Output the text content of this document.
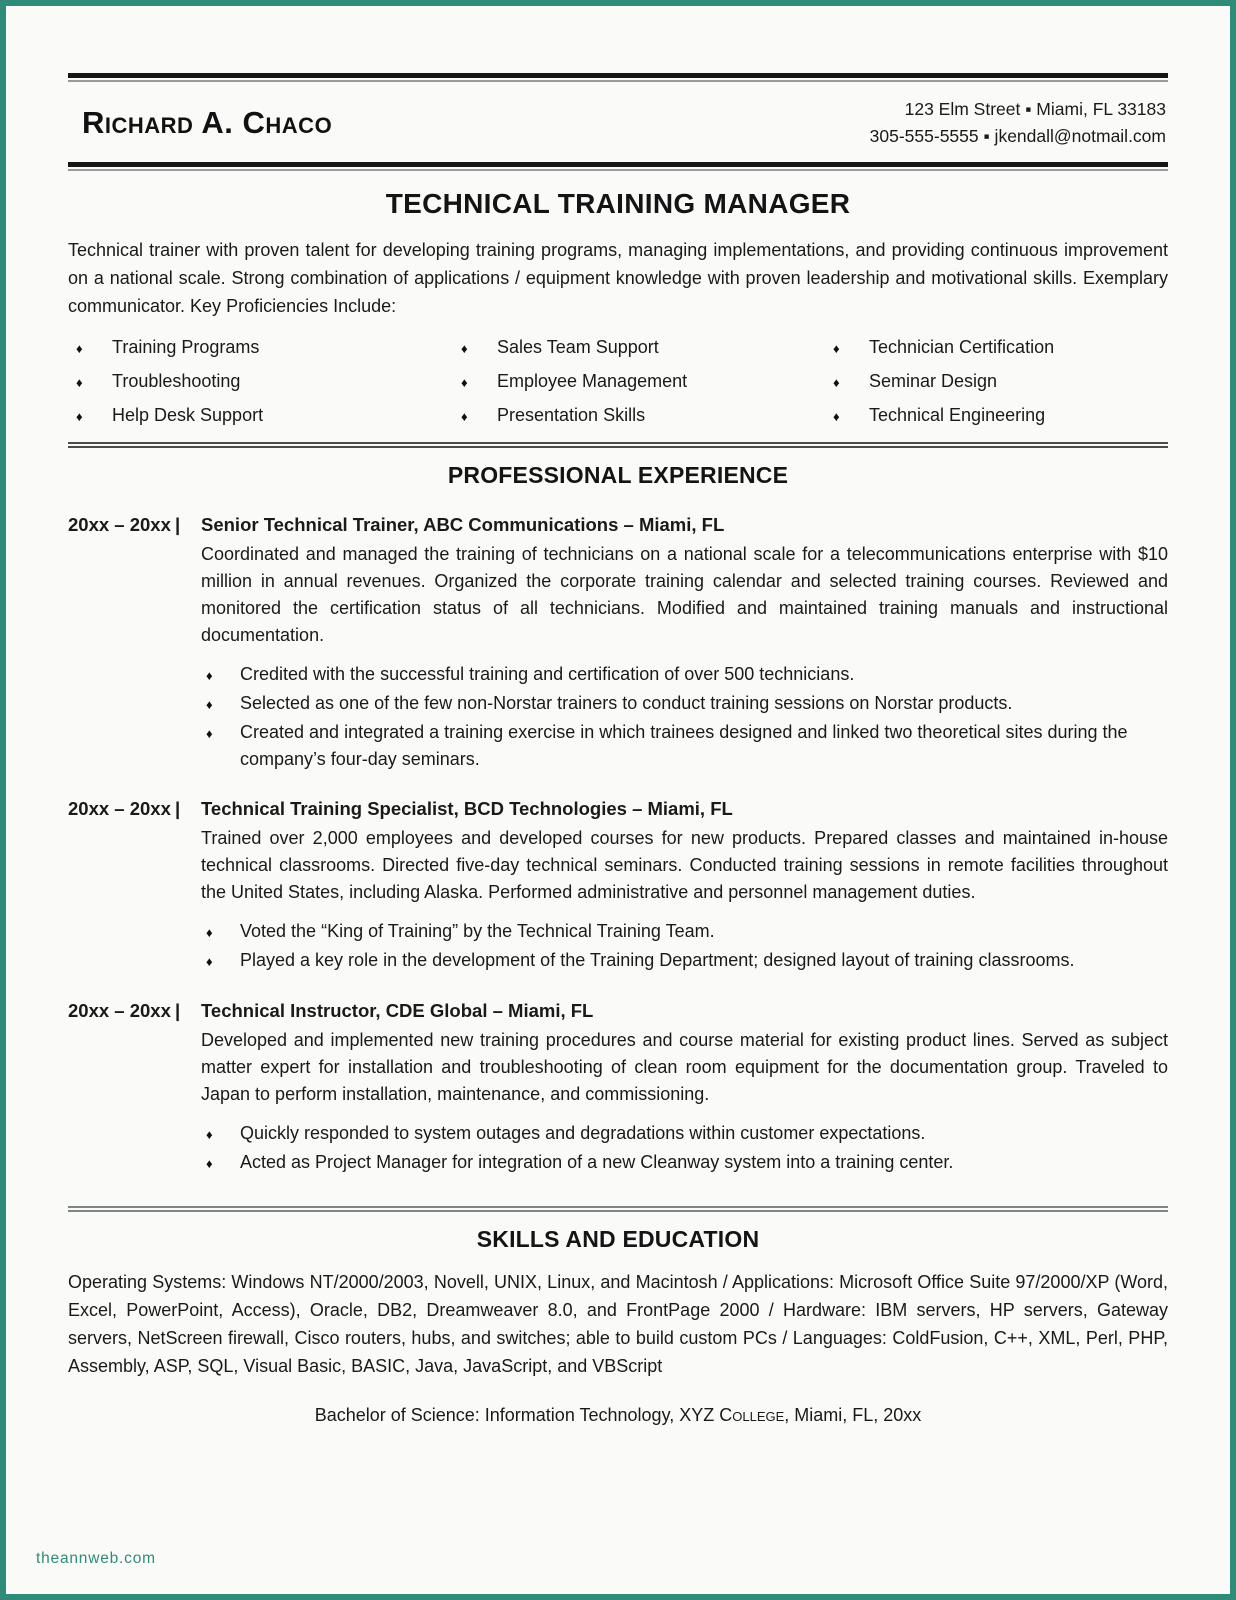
Richard A. Chaco	123 Elm Street ▪ Miami, FL 33183
305-555-5555 ▪ jkendall@notmail.com
TECHNICAL TRAINING MANAGER

Technical trainer with proven talent for developing training programs, managing implementations, and providing continuous improvement on a national scale. Strong combination of applications / equipment knowledge with proven leadership and motivational skills. Exemplary communicator. Key Proficiencies Include:

♦	Training Programs	♦	Sales Team Support	♦	Technician Certification
♦	Troubleshooting	♦	Employee Management	♦	Seminar Design
♦	Help Desk Support	♦	Presentation Skills	♦	Technical Engineering
PROFESSIONAL EXPERIENCE
20xx – 20xx |	Senior Technical Trainer, ABC Communications – Miami, FL

Coordinated and managed the training of technicians on a national scale for a telecommunications enterprise with $10 million in annual revenues. Organized the corporate training calendar and selected training courses. Reviewed and monitored the certification status of all technicians. Modified and maintained training manuals and instructional documentation.

♦	Credited with the successful training and certification of over 500 technicians.
♦	Selected as one of the few non-Norstar trainers to conduct training sessions on Norstar products.
♦	Created and integrated a training exercise in which trainees designed and linked two theoretical sites during the company’s four-day seminars.
20xx – 20xx |	Technical Training Specialist, BCD Technologies – Miami, FL

Trained over 2,000 employees and developed courses for new products. Prepared classes and maintained in-house technical classrooms. Directed five-day technical seminars. Conducted training sessions in remote facilities throughout the United States, including Alaska. Performed administrative and personnel management duties.

♦	Voted the “King of Training” by the Technical Training Team.
♦	Played a key role in the development of the Training Department; designed layout of training classrooms.
20xx – 20xx |	Technical Instructor, CDE Global – Miami, FL

Developed and implemented new training procedures and course material for existing product lines. Served as subject matter expert for installation and troubleshooting of clean room equipment for the documentation group. Traveled to Japan to perform installation, maintenance, and commissioning.

♦	Quickly responded to system outages and degradations within customer expectations.
♦	Acted as Project Manager for integration of a new Cleanway system into a training center.
SKILLS AND EDUCATION

Operating Systems: Windows NT/2000/2003, Novell, UNIX, Linux, and Macintosh / Applications: Microsoft Office Suite 97/2000/XP (Word, Excel, PowerPoint, Access), Oracle, DB2, Dreamweaver 8.0, and FrontPage 2000 / Hardware: IBM servers, HP servers, Gateway servers, NetScreen firewall, Cisco routers, hubs, and switches; able to build custom PCs / Languages: ColdFusion, C++, XML, Perl, PHP, Assembly, ASP, SQL, Visual Basic, BASIC, Java, JavaScript, and VBScript

Bachelor of Science: Information Technology, XYZ College, Miami, FL, 20xx
theannweb.com
